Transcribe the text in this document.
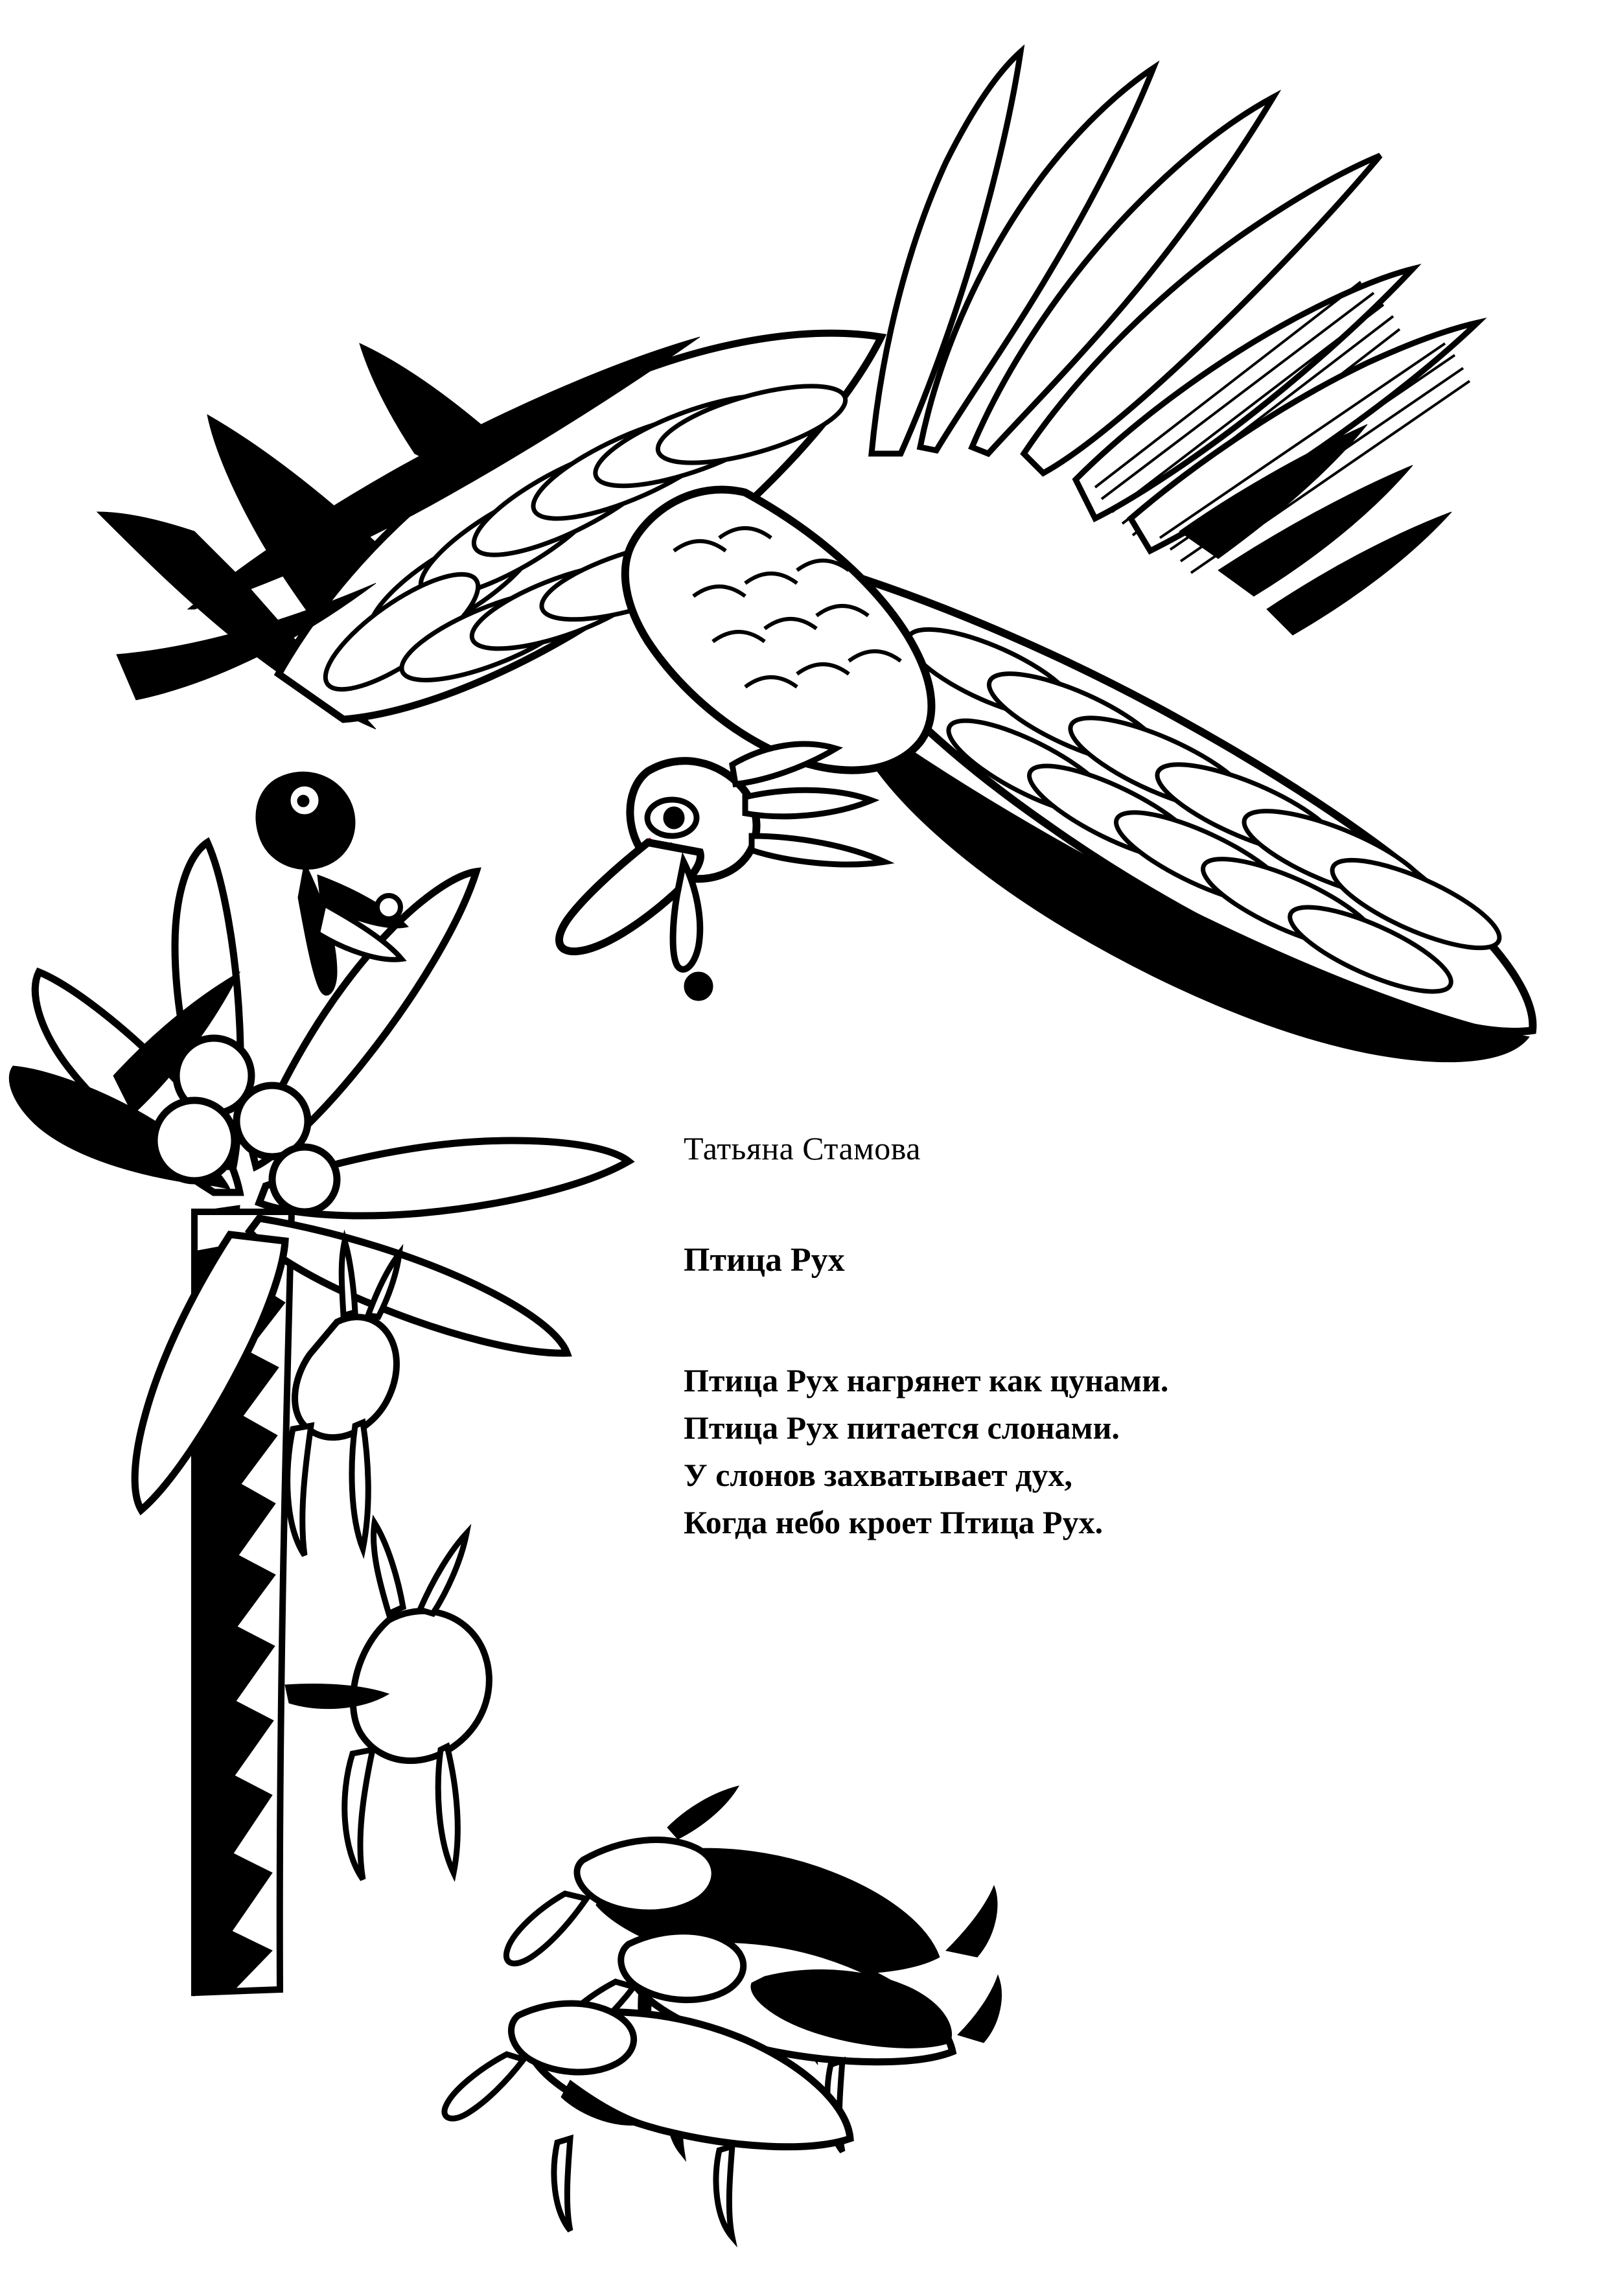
Татьяна Стамова

Птица Рух
Птица Рух нагрянет как цунами.
Птица Рух питается слонами.
У слонов захватывает дух,
Когда небо кроет Птица Рух.
